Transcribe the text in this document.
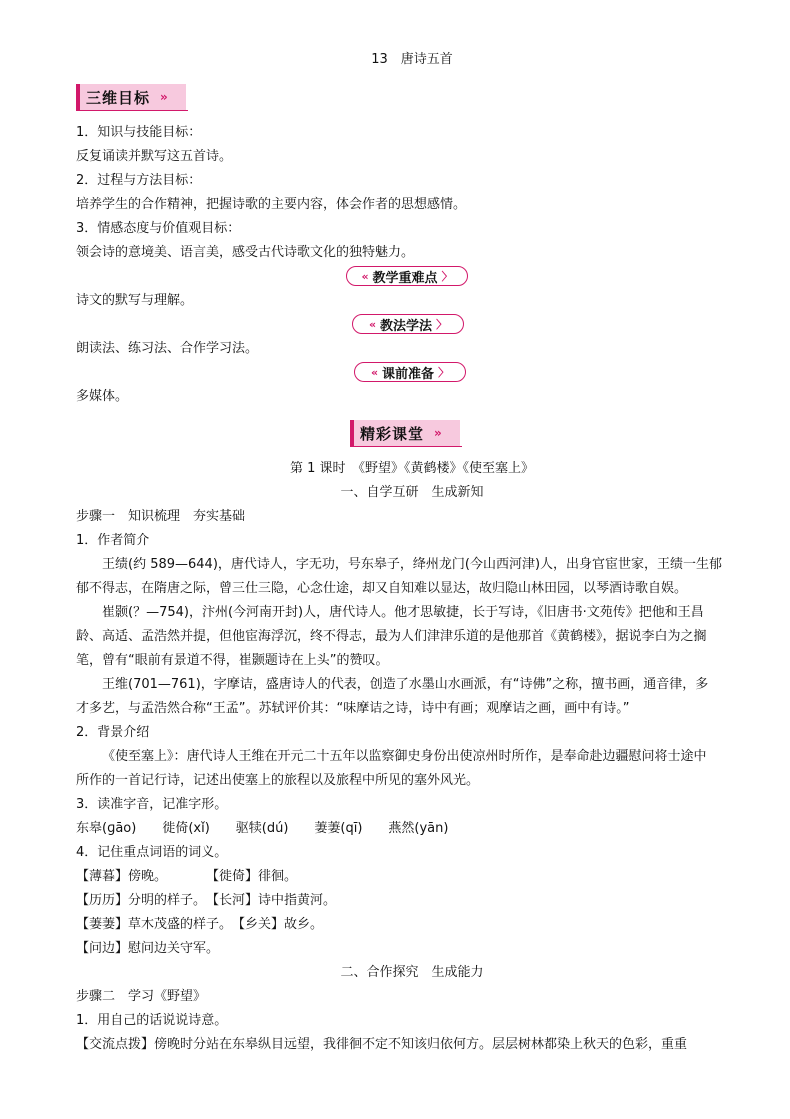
13　唐诗五首
三维目标 »
1．知识与技能目标：
反复诵读并默写这五首诗。
2．过程与方法目标：
培养学生的合作精神，把握诗歌的主要内容，体会作者的思想感情。
3．情感态度与价值观目标：
领会诗的意境美、语言美，感受古代诗歌文化的独特魅力。
« 教学重难点 〉
诗文的默写与理解。
« 教法学法 〉
朗读法、练习法、合作学习法。
« 课前准备 〉
多媒体。
精彩课堂 »
第 1 课时　《野望》《黄鹤楼》《使至塞上》
一、自学互研　生成新知
步骤一　知识梳理　夯实基础
1．作者简介
王绩(约 589—644)，唐代诗人，字无功，号东皋子，绛州龙门(今山西河津)人，出身官宦世家，王绩一生郁
郁不得志，在隋唐之际，曾三仕三隐，心念仕途，却又自知难以显达，故归隐山林田园，以琴酒诗歌自娱。
崔颢(？—754)，汴州(今河南开封)人，唐代诗人。他才思敏捷，长于写诗，《旧唐书·文苑传》把他和王昌
龄、高适、孟浩然并提，但他宦海浮沉，终不得志，最为人们津津乐道的是他那首《黄鹤楼》，据说李白为之搁
笔，曾有“眼前有景道不得，崔颢题诗在上头”的赞叹。
王维(701—761)，字摩诘，盛唐诗人的代表，创造了水墨山水画派，有“诗佛”之称，擅书画，通音律，多
才多艺，与孟浩然合称“王孟”。苏轼评价其：“味摩诘之诗，诗中有画；观摩诘之画，画中有诗。”
2．背景介绍
《使至塞上》：唐代诗人王维在开元二十五年以监察御史身份出使凉州时所作，是奉命赴边疆慰问将士途中
所作的一首记行诗，记述出使塞上的旅程以及旅程中所见的塞外风光。
3．读准字音，记准字形。
东皋(ɡāo)　　徙倚(xǐ)　　驱犊(dú)　　萋萋(qī)　　燕然(yān)
4．记住重点词语的词义。
【薄暮】傍晚。　　　　【徙倚】徘徊。
【历历】分明的样子。　【长河】诗中指黄河。
【萋萋】草木茂盛的样子。　【乡关】故乡。
【问边】慰问边关守军。
二、合作探究　生成能力
步骤二　学习《野望》
1．用自己的话说说诗意。
【交流点拨】傍晚时分站在东皋纵目远望，我徘徊不定不知该归依何方。层层树林都染上秋天的色彩，重重
